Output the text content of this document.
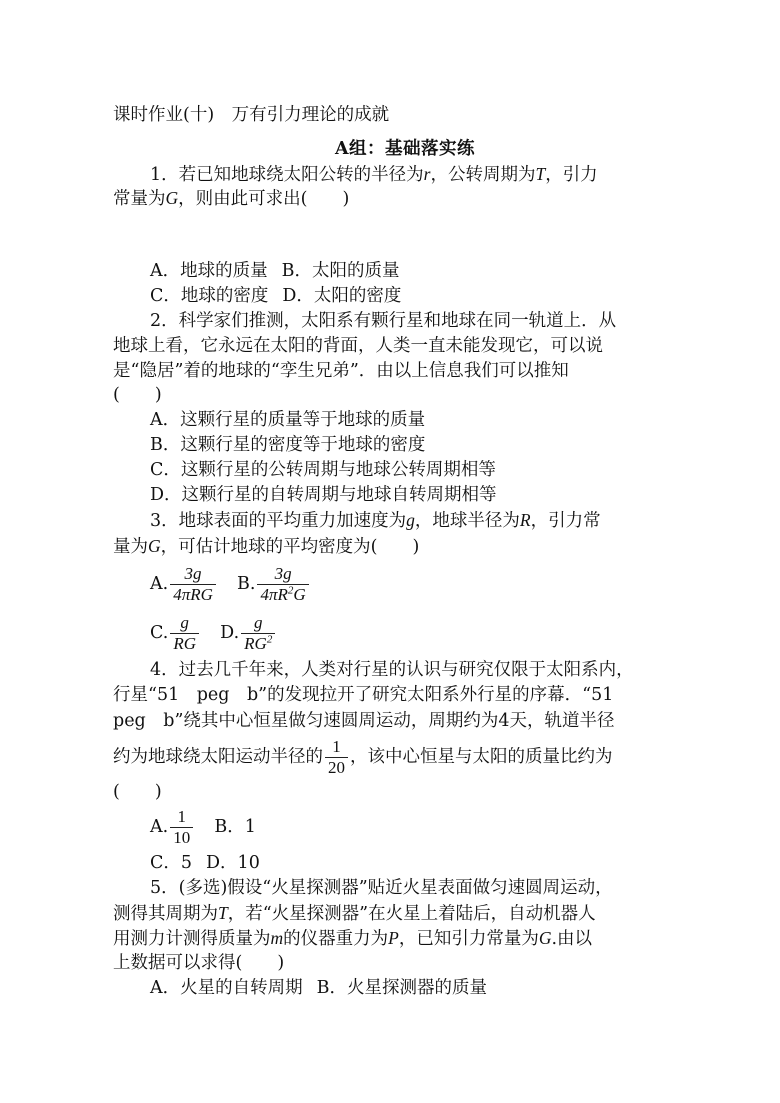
课时作业(十)　万有引力理论的成就
A组：基础落实练
1．若已知地球绕太阳公转的半径为r，公转周期为T，引力
常量为G，则由此可求出(　　)
A．地球的质量 B．太阳的质量
C．地球的密度 D．太阳的密度
2．科学家们推测，太阳系有颗行星和地球在同一轨道上．从
地球上看，它永远在太阳的背面，人类一直未能发现它，可以说
是“隐居”着的地球的“孪生兄弟”．由以上信息我们可以推知
(　　)
A．这颗行星的质量等于地球的质量
B．这颗行星的密度等于地球的密度
C．这颗行星的公转周期与地球公转周期相等
D．这颗行星的自转周期与地球自转周期相等
3．地球表面的平均重力加速度为g，地球半径为R，引力常
量为G，可估计地球的平均密度为(　　)
A. $\frac{3g}{\text{4πRG}} B$. $\frac{3g}{4\pi R^2G}$
C. $\frac{g}{RG} D$. $\frac{g}{RG^2}$
4．过去几千年来，人类对行星的认识与研究仅限于太阳系内，
行星“51　peg　b”的发现拉开了研究太阳系外行星的序幕．“51
peg　b”绕其中心恒星做匀速圆周运动，周期约为4天，轨道半径
约为地球绕太阳运动半径的 $\frac{1}{20}$ ，该中心恒星与太阳的质量比约为
(　　)
A. $\frac{1}{10}$ B．1
C．5 D．10
5．(多选)假设“火星探测器”贴近火星表面做匀速圆周运动，
测得其周期为T，若“火星探测器”在火星上着陆后，自动机器人
用测力计测得质量为m的仪器重力为P，已知引力常量为G.由以
上数据可以求得(　　)
A．火星的自转周期 B．火星探测器的质量
